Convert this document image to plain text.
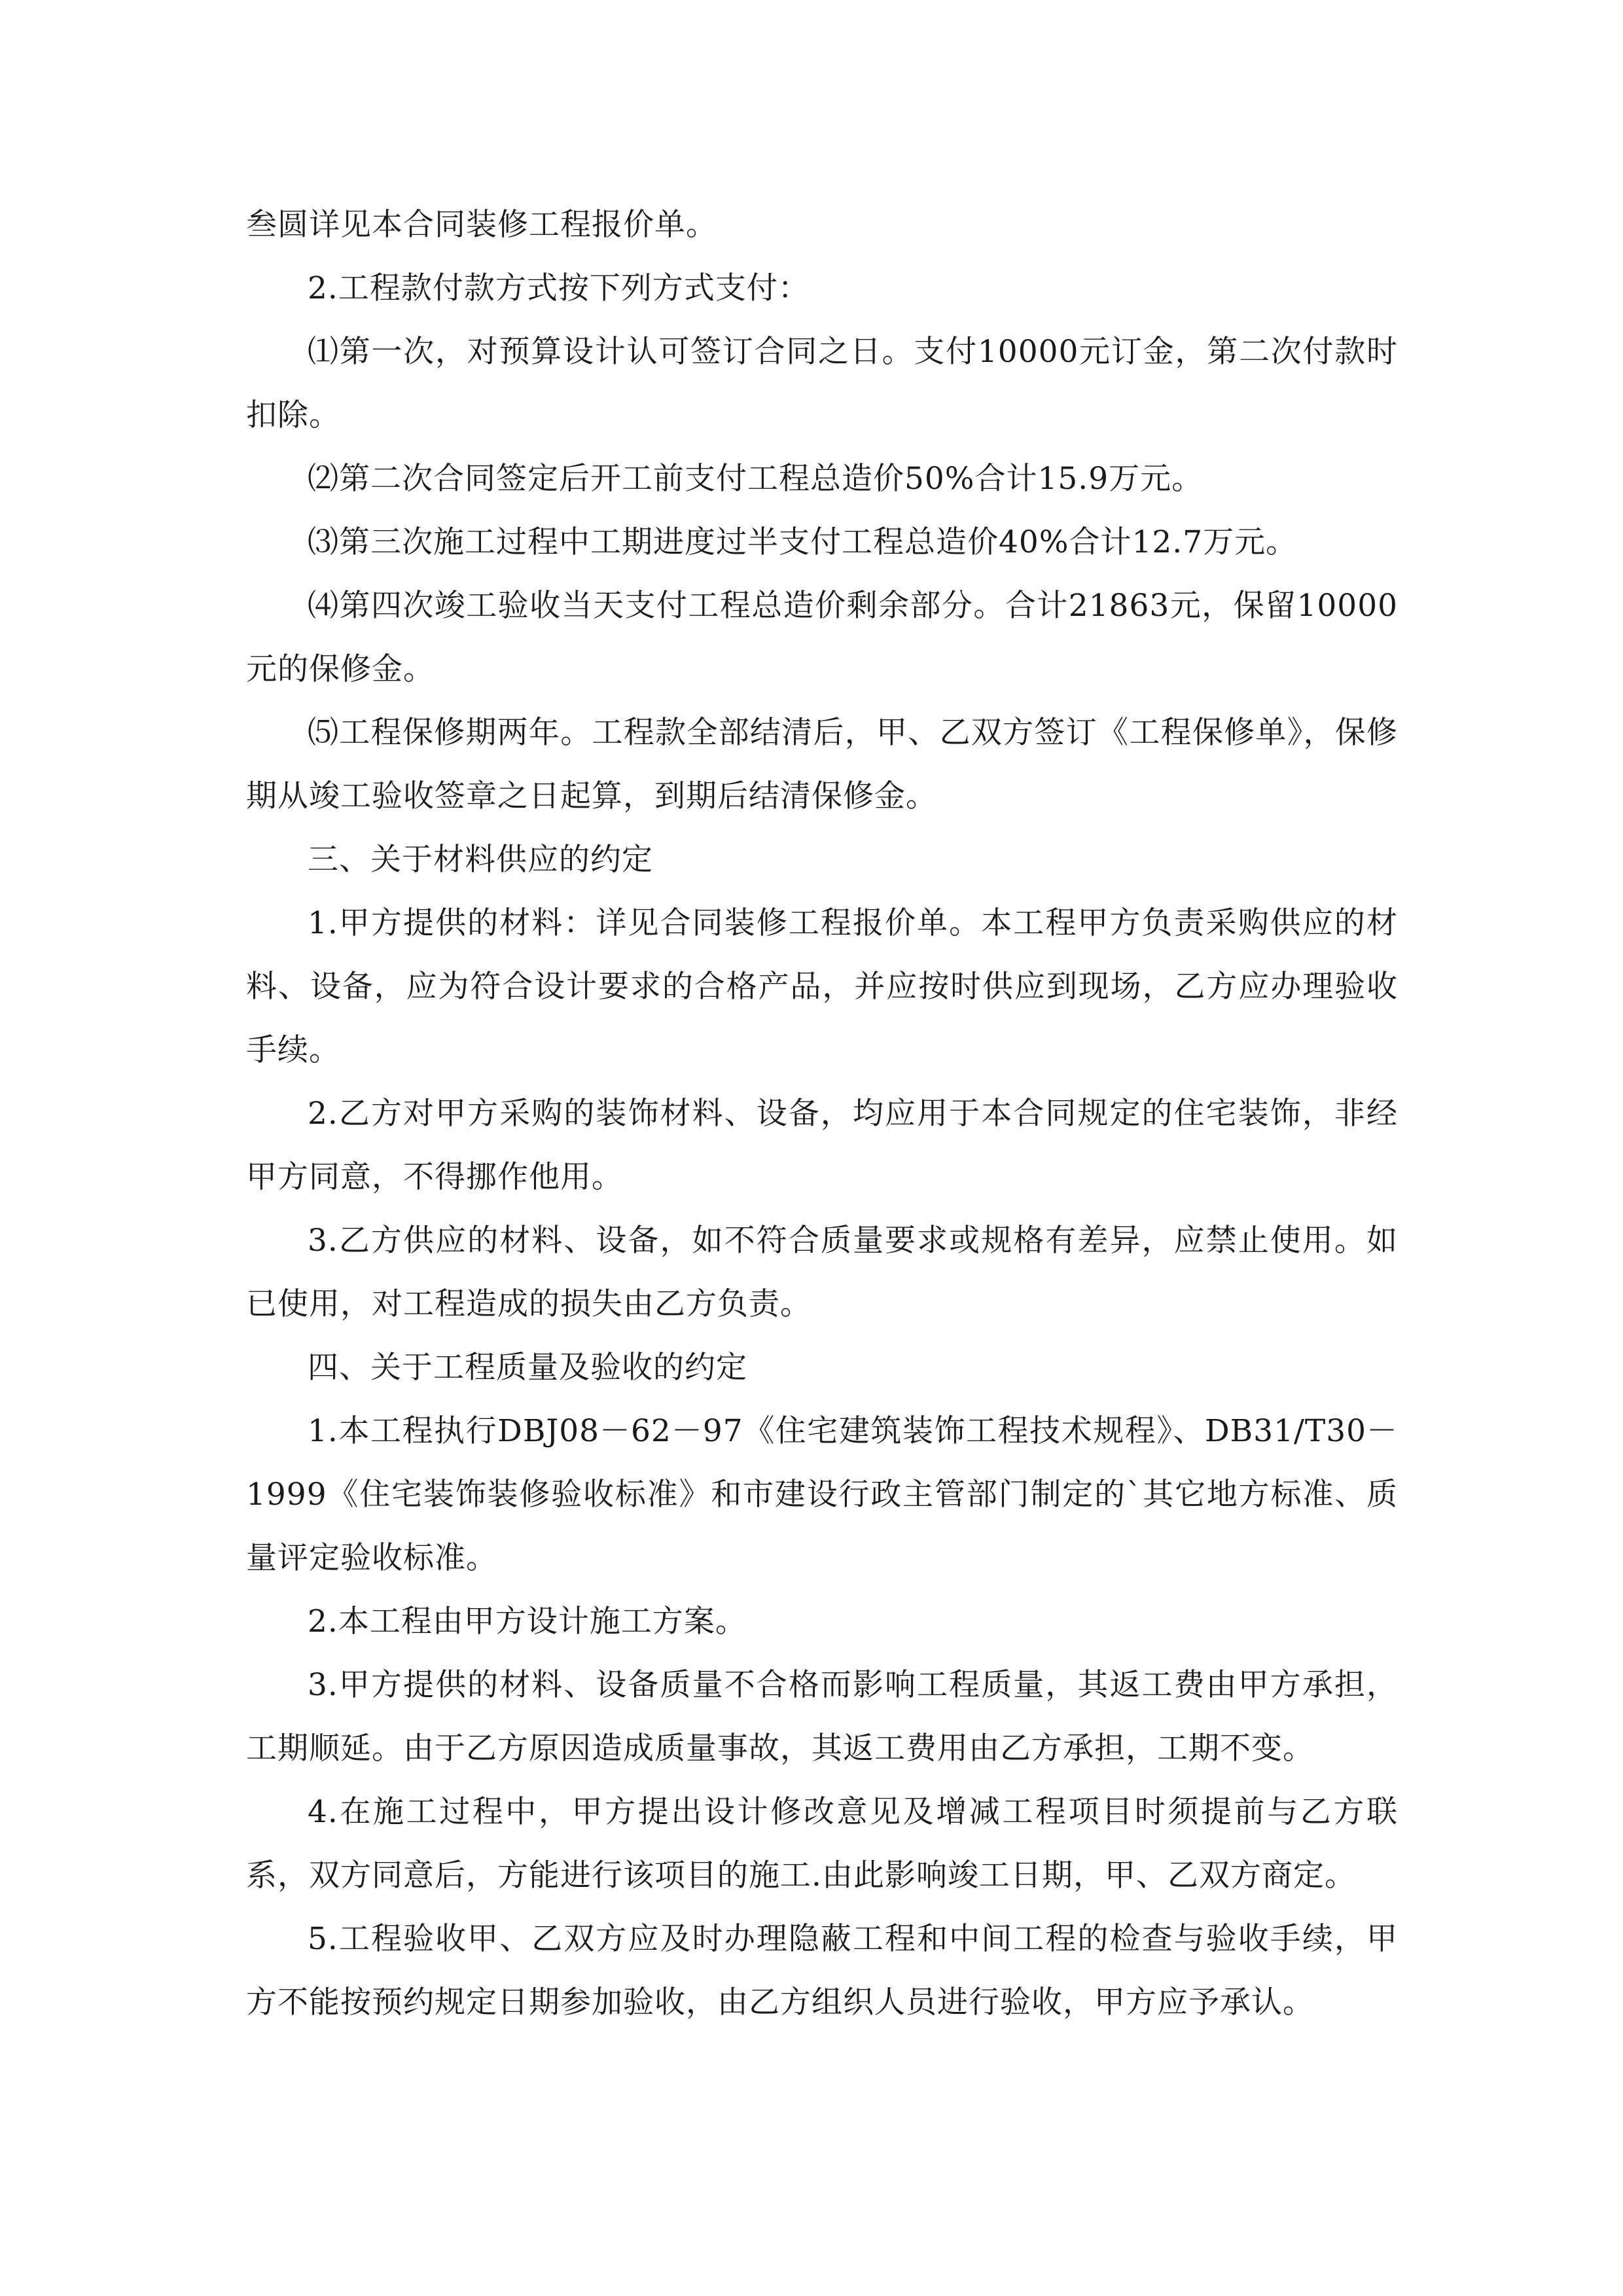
叁圆详见本合同装修工程报价单。

2.工程款付款方式按下列方式支付：

⑴第一次，对预算设计认可签订合同之日。支付10000元订金，第二次付款时扣除。

⑵第二次合同签定后开工前支付工程总造价50%合计15.9万元。

⑶第三次施工过程中工期进度过半支付工程总造价40%合计12.7万元。

⑷第四次竣工验收当天支付工程总造价剩余部分。合计21863元，保留10000元的保修金。

⑸工程保修期两年。工程款全部结清后，甲、乙双方签订《工程保修单》，保修期从竣工验收签章之日起算，到期后结清保修金。

三、关于材料供应的约定

1.甲方提供的材料：详见合同装修工程报价单。本工程甲方负责采购供应的材料、设备，应为符合设计要求的合格产品，并应按时供应到现场，乙方应办理验收手续。

2.乙方对甲方采购的装饰材料、设备，均应用于本合同规定的住宅装饰，非经甲方同意，不得挪作他用。

3.乙方供应的材料、设备，如不符合质量要求或规格有差异，应禁止使用。如已使用，对工程造成的损失由乙方负责。

四、关于工程质量及验收的约定

1.本工程执行DBJ08－62－97《住宅建筑装饰工程技术规程》、DB31/T30－1999《住宅装饰装修验收标准》和市建设行政主管部门制定的`其它地方标准、质量评定验收标准。

2.本工程由甲方设计施工方案。

3.甲方提供的材料、设备质量不合格而影响工程质量，其返工费由甲方承担，工期顺延。由于乙方原因造成质量事故，其返工费用由乙方承担，工期不变。

4.在施工过程中，甲方提出设计修改意见及增减工程项目时须提前与乙方联系，双方同意后，方能进行该项目的施工.由此影响竣工日期，甲、乙双方商定。

5.工程验收甲、乙双方应及时办理隐蔽工程和中间工程的检查与验收手续，甲方不能按预约规定日期参加验收，由乙方组织人员进行验收，甲方应予承认。
